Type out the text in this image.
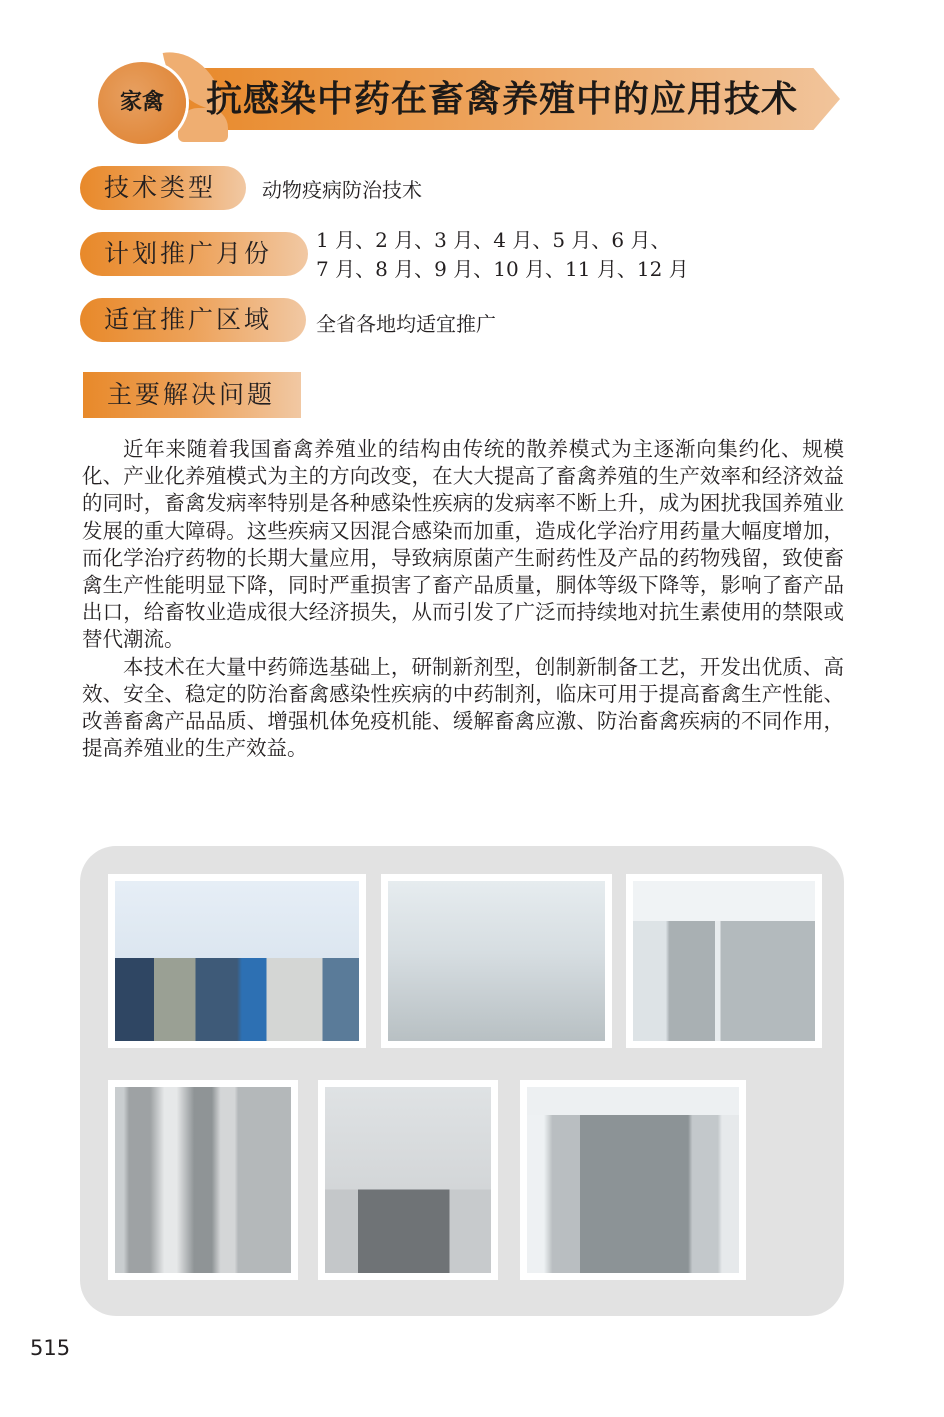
家禽	抗感染中药在畜禽养殖中的应用技术
技术类型	动物疫病防治技术
计划推广月份	1 月、2 月、3 月、4 月、5 月、6 月、
7 月、8 月、9 月、10 月、11 月、12 月
适宜推广区域	全省各地均适宜推广
主要解决问题

近年来随着我国畜禽养殖业的结构由传统的散养模式为主逐渐向集约化、规模化、产业化养殖模式为主的方向改变，在大大提高了畜禽养殖的生产效率和经济效益的同时，畜禽发病率特别是各种感染性疾病的发病率不断上升，成为困扰我国养殖业发展的重大障碍。这些疾病又因混合感染而加重，造成化学治疗用药量大幅度增加，而化学治疗药物的长期大量应用，导致病原菌产生耐药性及产品的药物残留，致使畜禽生产性能明显下降，同时严重损害了畜产品质量，胴体等级下降等，影响了畜产品出口，给畜牧业造成很大经济损失，从而引发了广泛而持续地对抗生素使用的禁限或替代潮流。

本技术在大量中药筛选基础上，研制新剂型，创制新制备工艺，开发出优质、高效、安全、稳定的防治畜禽感染性疾病的中药制剂，临床可用于提高畜禽生产性能、改善畜禽产品品质、增强机体免疫机能、缓解畜禽应激、防治畜禽疾病的不同作用，提高养殖业的生产效益。

515
